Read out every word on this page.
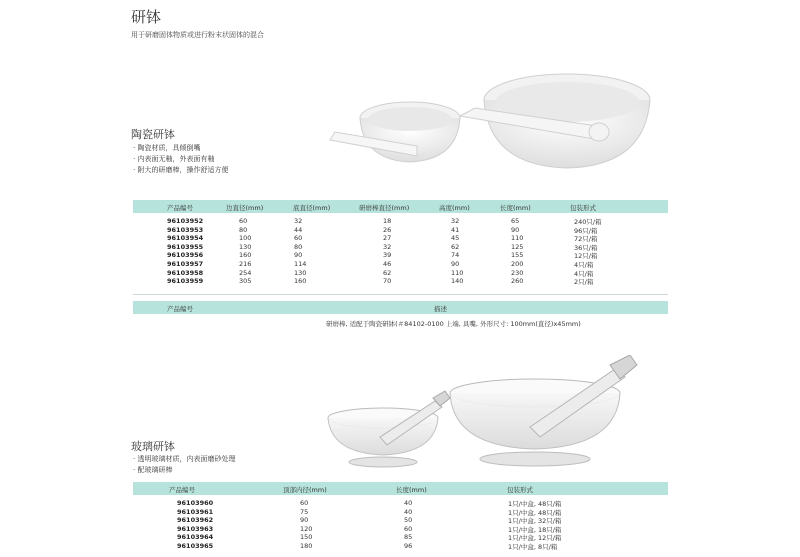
研钵
用于研磨固体物质或进行粉末状固体的混合
陶瓷研钵
· 陶瓷材质，具倾倒嘴
· 内表面无釉，外表面有釉
· 附大的研磨棒，操作舒适方便
产品编号	边直径(mm)	底直径(mm)	研磨棒直径(mm)	高度(mm)	长度(mm)	包装形式
96103952	60	32	18	32	65	240只/箱
96103953	80	44	26	41	90	96只/箱
96103954	100	60	27	45	110	72只/箱
96103955	130	80	32	62	125	36只/箱
96103956	160	90	39	74	155	12只/箱
96103957	216	114	46	90	200	4只/箱
96103958	254	130	62	110	230	4只/箱
96103959	305	160	70	140	260	2只/箱
产品编号	描述
研磨棒, 适配于陶瓷研钵(＃84102-0100 上端, 具嘴, 外形尺寸: 100mm(直径)x45mm)
玻璃研钵
· 透明玻璃材质，内表面磨砂处理
· 配玻璃研棒
产品编号	顶部内径(mm)	长度(mm)	包装形式
96103960	60	40	1只/中盒, 48只/箱
96103961	75	40	1只/中盒, 48只/箱
96103962	90	50	1只/中盒, 32只/箱
96103963	120	60	1只/中盒, 18只/箱
96103964	150	85	1只/中盒, 12只/箱
96103965	180	96	1只/中盒, 8只/箱
